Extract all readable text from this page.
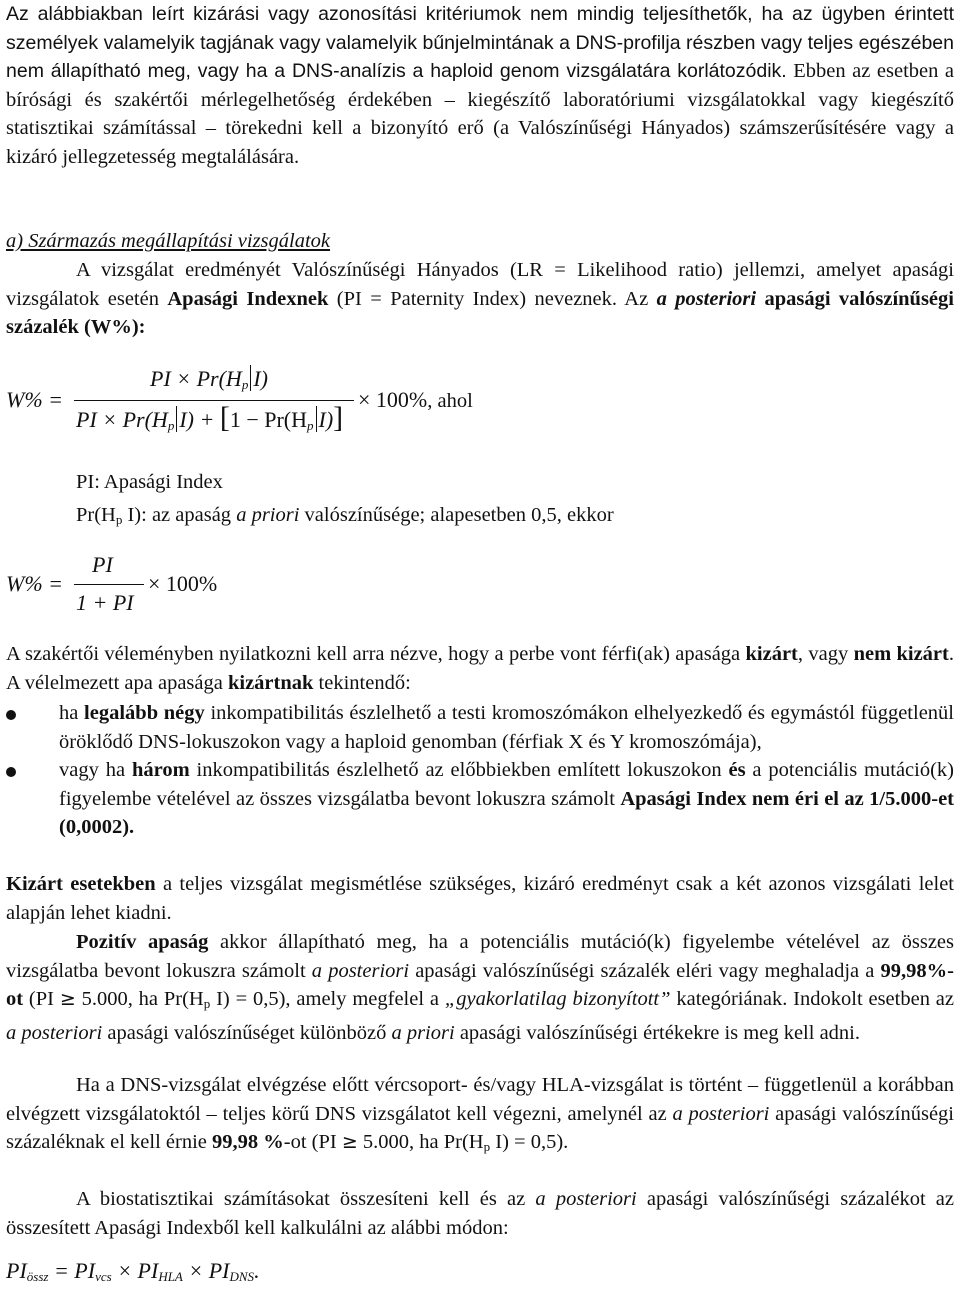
Az alábbiakban leírt kizárási vagy azonosítási kritériumok nem mindig teljesíthetők, ha az ügyben érintett személyek valamelyik tagjának vagy valamelyik bűnjelmintának a DNS-profilja részben vagy teljes egészében nem állapítható meg, vagy ha a DNS-analízis a haploid genom vizsgálatára korlátozódik. Ebben az esetben a bírósági és szakértői mérlegelhetőség érdekében – kiegészítő laboratóriumi vizsgálatokkal vagy kiegészítő statisztikai számítással – törekedni kell a bizonyító erő (a Valószínűségi Hányados) számszerűsítésére vagy a kizáró jellegzetesség megtalálására.
a) Származás megállapítási vizsgálatok
A vizsgálat eredményét Valószínűségi Hányados (LR = Likelihood ratio) jellemzi, amelyet apasági vizsgálatok esetén Apasági Indexnek (PI = Paternity Index) neveznek. Az a posteriori apasági valószínűségi százalék (W%):
W% =
PI × $Pr(H_p$ I)
PI × $Pr(H_p$ $I) + [1 - Pr(H_p$ I)]
× 100%, ahol
PI: Apasági Index
$Pr(H_p$ I): az apaság a priori valószínűsége; alapesetben 0,5, ekkor
W% =
PI
1 + PI
× 100%
A szakértői véleményben nyilatkozni kell arra nézve, hogy a perbe vont férfi(ak) apasága kizárt, vagy nem kizárt. A vélelmezett apa apasága kizártnak tekintendő:
ha legalább négy inkompatibilitás észlelhető a testi kromoszómákon elhelyezkedő és egymástól függetlenül öröklődő DNS-lokuszokon vagy a haploid genomban (férfiak X és Y kromoszómája),
vagy ha három inkompatibilitás észlelhető az előbbiekben említett lokuszokon és a potenciális mutáció(k) figyelembe vételével az összes vizsgálatba bevont lokuszra számolt Apasági Index nem éri el az 1/5.000-et (0,0002).
Kizárt esetekben a teljes vizsgálat megismétlése szükséges, kizáró eredményt csak a két azonos vizsgálati lelet alapján lehet kiadni.
Pozitív apaság akkor állapítható meg, ha a potenciális mutáció(k) figyelembe vételével az összes vizsgálatba bevont lokuszra számolt a posteriori apasági valószínűségi százalék eléri vagy meghaladja a 99,98%-ot (PI ≥ 5.000, ha $Pr(H_p$ I) = 0,5), amely megfelel a „gyakorlatilag bizonyított” kategóriának. Indokolt esetben az a posteriori apasági valószínűséget különböző a priori apasági valószínűségi értékekre is meg kell adni.
Ha a DNS-vizsgálat elvégzése előtt vércsoport- és/vagy HLA-vizsgálat is történt – függetlenül a korábban elvégzett vizsgálatoktól – teljes körű DNS vizsgálatot kell végezni, amelynél az a posteriori apasági valószínűségi százaléknak el kell érnie 99,98 %-ot (PI ≥ 5.000, ha $Pr(H_p$ I) = 0,5).
A biostatisztikai számításokat összesíteni kell és az a posteriori apasági valószínűségi százalékot az összesített Apasági Indexből kell kalkulálni az alábbi módon:
$PI_{össz} = PI_{vcs} \times PI_{HLA} \times PI_{DNS}$.
